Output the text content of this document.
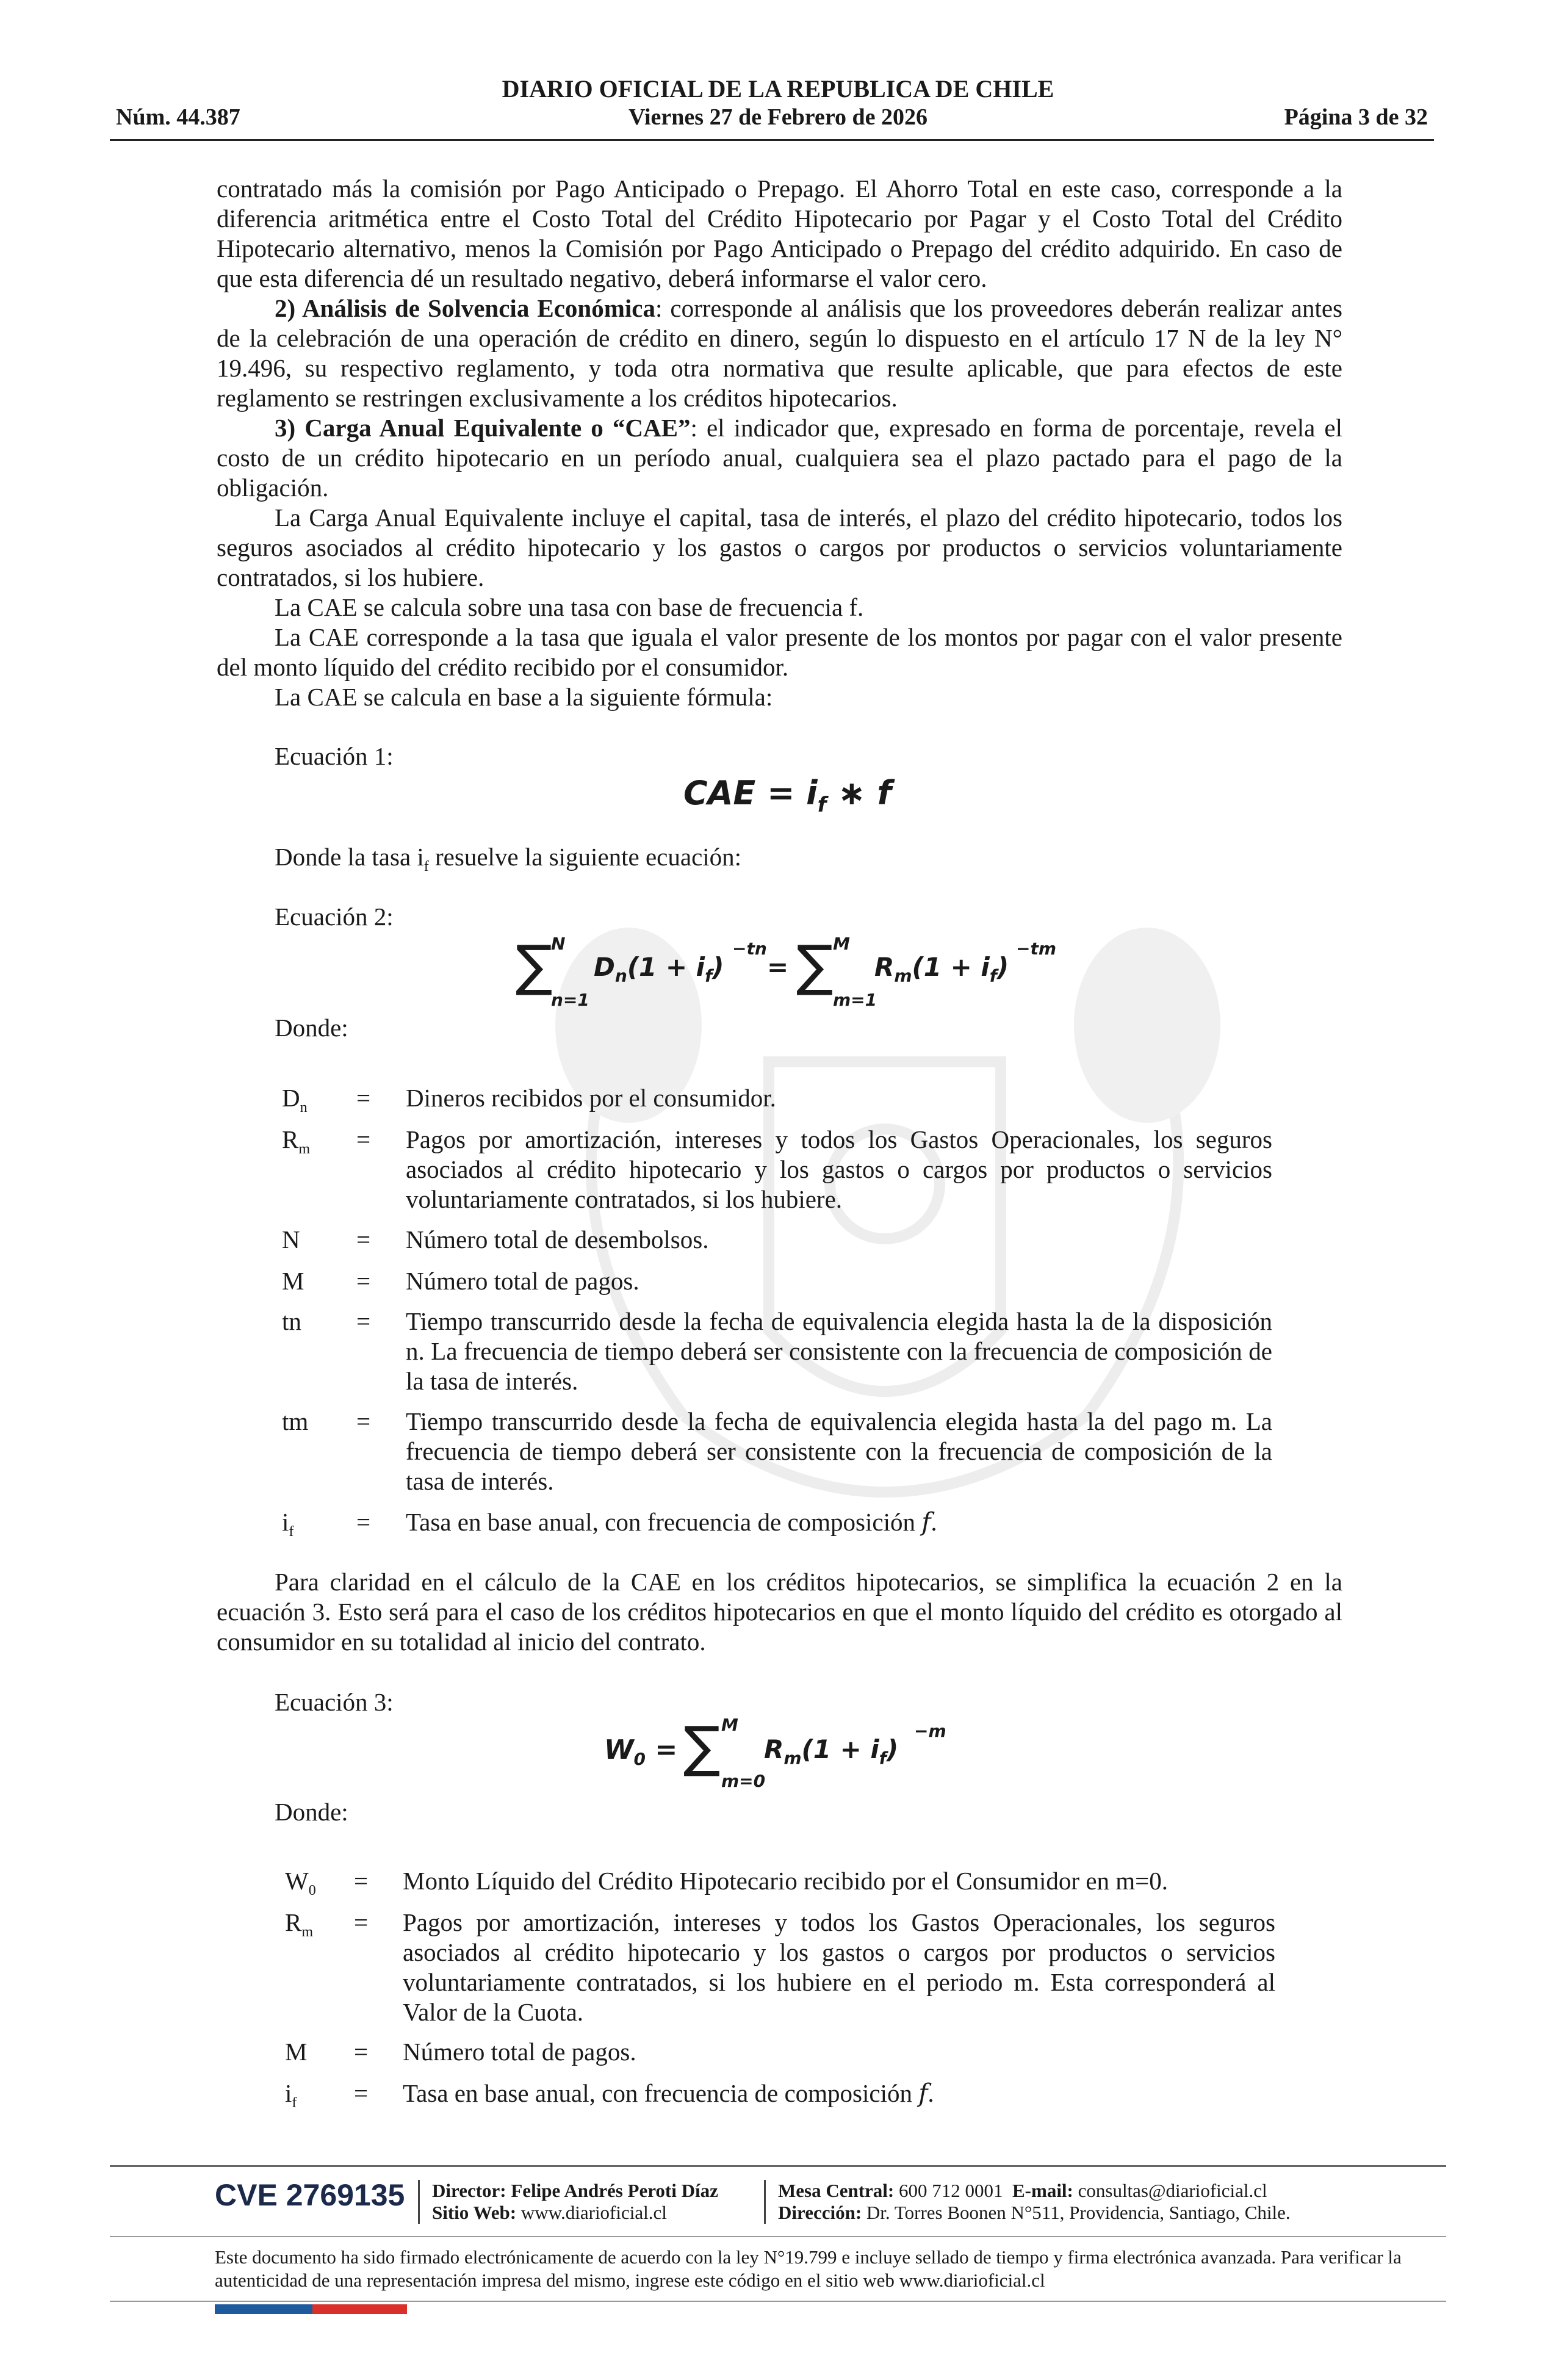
DIARIO OFICIAL DE LA REPUBLICA DE CHILE
Núm. 44.387	Viernes 27 de Febrero de 2026	Página 3 de 32

contratado más la comisión por Pago Anticipado o Prepago. El Ahorro Total en este caso, corresponde a la diferencia aritmética entre el Costo Total del Crédito Hipotecario por Pagar y el Costo Total del Crédito Hipotecario alternativo, menos la Comisión por Pago Anticipado o Prepago del crédito adquirido. En caso de que esta diferencia dé un resultado negativo, deberá informarse el valor cero.

2) Análisis de Solvencia Económica: corresponde al análisis que los proveedores deberán realizar antes de la celebración de una operación de crédito en dinero, según lo dispuesto en el artículo 17 N de la ley N° 19.496, su respectivo reglamento, y toda otra normativa que resulte aplicable, que para efectos de este reglamento se restringen exclusivamente a los créditos hipotecarios.

3) Carga Anual Equivalente o “CAE”: el indicador que, expresado en forma de porcentaje, revela el costo de un crédito hipotecario en un período anual, cualquiera sea el plazo pactado para el pago de la obligación.

La Carga Anual Equivalente incluye el capital, tasa de interés, el plazo del crédito hipotecario, todos los seguros asociados al crédito hipotecario y los gastos o cargos por productos o servicios voluntariamente contratados, si los hubiere.

La CAE se calcula sobre una tasa con base de frecuencia f.

La CAE corresponde a la tasa que iguala el valor presente de los montos por pagar con el valor presente del monto líquido del crédito recibido por el consumidor.

La CAE se calcula en base a la siguiente fórmula:

Ecuación 1:
CAE = $i_f$ ∗ f
Donde la tasa $i_f$ resuelve la siguiente ecuación:
Ecuación 2:
∑
N
n=1
$D_n(1 + i_f)$
−tn
= ∑ M
m=1
$R_m(1 + i_f)$
−tm
Donde:
$D_n$ = Dineros recibidos por el consumidor.
$R_m$ = Pagos por amortización, intereses y todos los Gastos Operacionales, los seguros asociados al crédito hipotecario y los gastos o cargos por productos o servicios voluntariamente contratados, si los hubiere.
N = Número total de desembolsos.
M = Número total de pagos.
tn = Tiempo transcurrido desde la fecha de equivalencia elegida hasta la de la disposición n. La frecuencia de tiempo deberá ser consistente con la frecuencia de composición de la tasa de interés.
tm = Tiempo transcurrido desde la fecha de equivalencia elegida hasta la del pago m. La frecuencia de tiempo deberá ser consistente con la frecuencia de composición de la tasa de interés.
$i_f$	= Tasa en base anual, con frecuencia de composición 𝑓.

Para claridad en el cálculo de la CAE en los créditos hipotecarios, se simplifica la ecuación 2 en la ecuación 3. Esto será para el caso de los créditos hipotecarios en que el monto líquido del crédito es otorgado al consumidor en su totalidad al inicio del contrato.

Ecuación 3:
$W_0$ = ∑ M
m=0
$R_m(1 + i_f)$
−m
Donde:
$W_0$ = Monto Líquido del Crédito Hipotecario recibido por el Consumidor en m=0.
$R_m$ = Pagos por amortización, intereses y todos los Gastos Operacionales, los seguros asociados al crédito hipotecario y los gastos o cargos por productos o servicios voluntariamente contratados, si los hubiere en el periodo m. Esta corresponderá al Valor de la Cuota.
M = Número total de pagos.
$i_f$ = Tasa en base anual, con frecuencia de composición 𝑓.
CVE 2769135 Director: Felipe Andrés Peroti Díaz
Sitio Web: www.diarioficial.cl
Mesa Central: 600 712 0001 E-mail: consultas@diarioficial.cl
Dirección: Dr. Torres Boonen N°511, Providencia, Santiago, Chile.
Este documento ha sido firmado electrónicamente de acuerdo con la ley N°19.799 e incluye sellado de tiempo y firma electrónica avanzada. Para verificar la autenticidad de una representación impresa del mismo, ingrese este código en el sitio web www.diarioficial.cl
